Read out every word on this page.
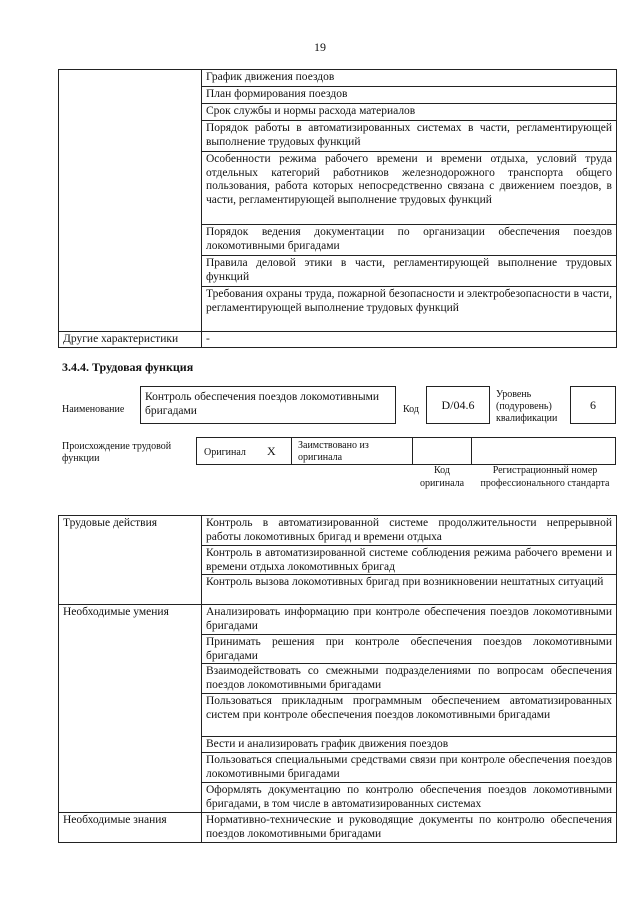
19
	График движения поездов
	План формирования поездов
	Срок службы и нормы расхода материалов
	Порядок работы в автоматизированных системах в части, регламентирующей выполнение трудовых функций
	Особенности режима рабочего времени и времени отдыха, условий труда отдельных категорий работников железнодорожного транспорта общего пользования, работа которых непосредственно связана с движением поездов, в части, регламентирующей выполнение трудовых функций
	Порядок ведения документации по организации обеспечения поездов локомотивными бригадами
	Правила деловой этики в части, регламентирующей выполнение трудовых функций
	Требования охраны труда, пожарной безопасности и электробезопасности в части, регламентирующей выполнение трудовых функций
Другие характеристики	-
3.4.4. Трудовая функция
Наименование
Контроль обеспечения поездов локомотивными бригадами	Код	D/04.6
Уровень (подуровень) квалификации
6
Происхождение трудовой функции
Оригинал X Заимствовано из оригинала
Код оригинала
Регистрационный номер профессионального стандарта
Трудовые действия	Контроль в автоматизированной системе продолжительности непрерывной работы локомотивных бригад и времени отдыха
	Контроль в автоматизированной системе соблюдения режима рабочего времени и времени отдыха локомотивных бригад
	Контроль вызова локомотивных бригад при возникновении нештатных ситуаций
Необходимые умения	Анализировать информацию при контроле обеспечения поездов локомотивными бригадами
	Принимать решения при контроле обеспечения поездов локомотивными бригадами
	Взаимодействовать со смежными подразделениями по вопросам обеспечения поездов локомотивными бригадами
	Пользоваться прикладным программным обеспечением автоматизированных систем при контроле обеспечения поездов локомотивными бригадами
	Вести и анализировать график движения поездов
	Пользоваться специальными средствами связи при контроле обеспечения поездов локомотивными бригадами
	Оформлять документацию по контролю обеспечения поездов локомотивными бригадами, в том числе в автоматизированных системах
Необходимые знания	Нормативно-технические и руководящие документы по контролю обеспечения поездов локомотивными бригадами
